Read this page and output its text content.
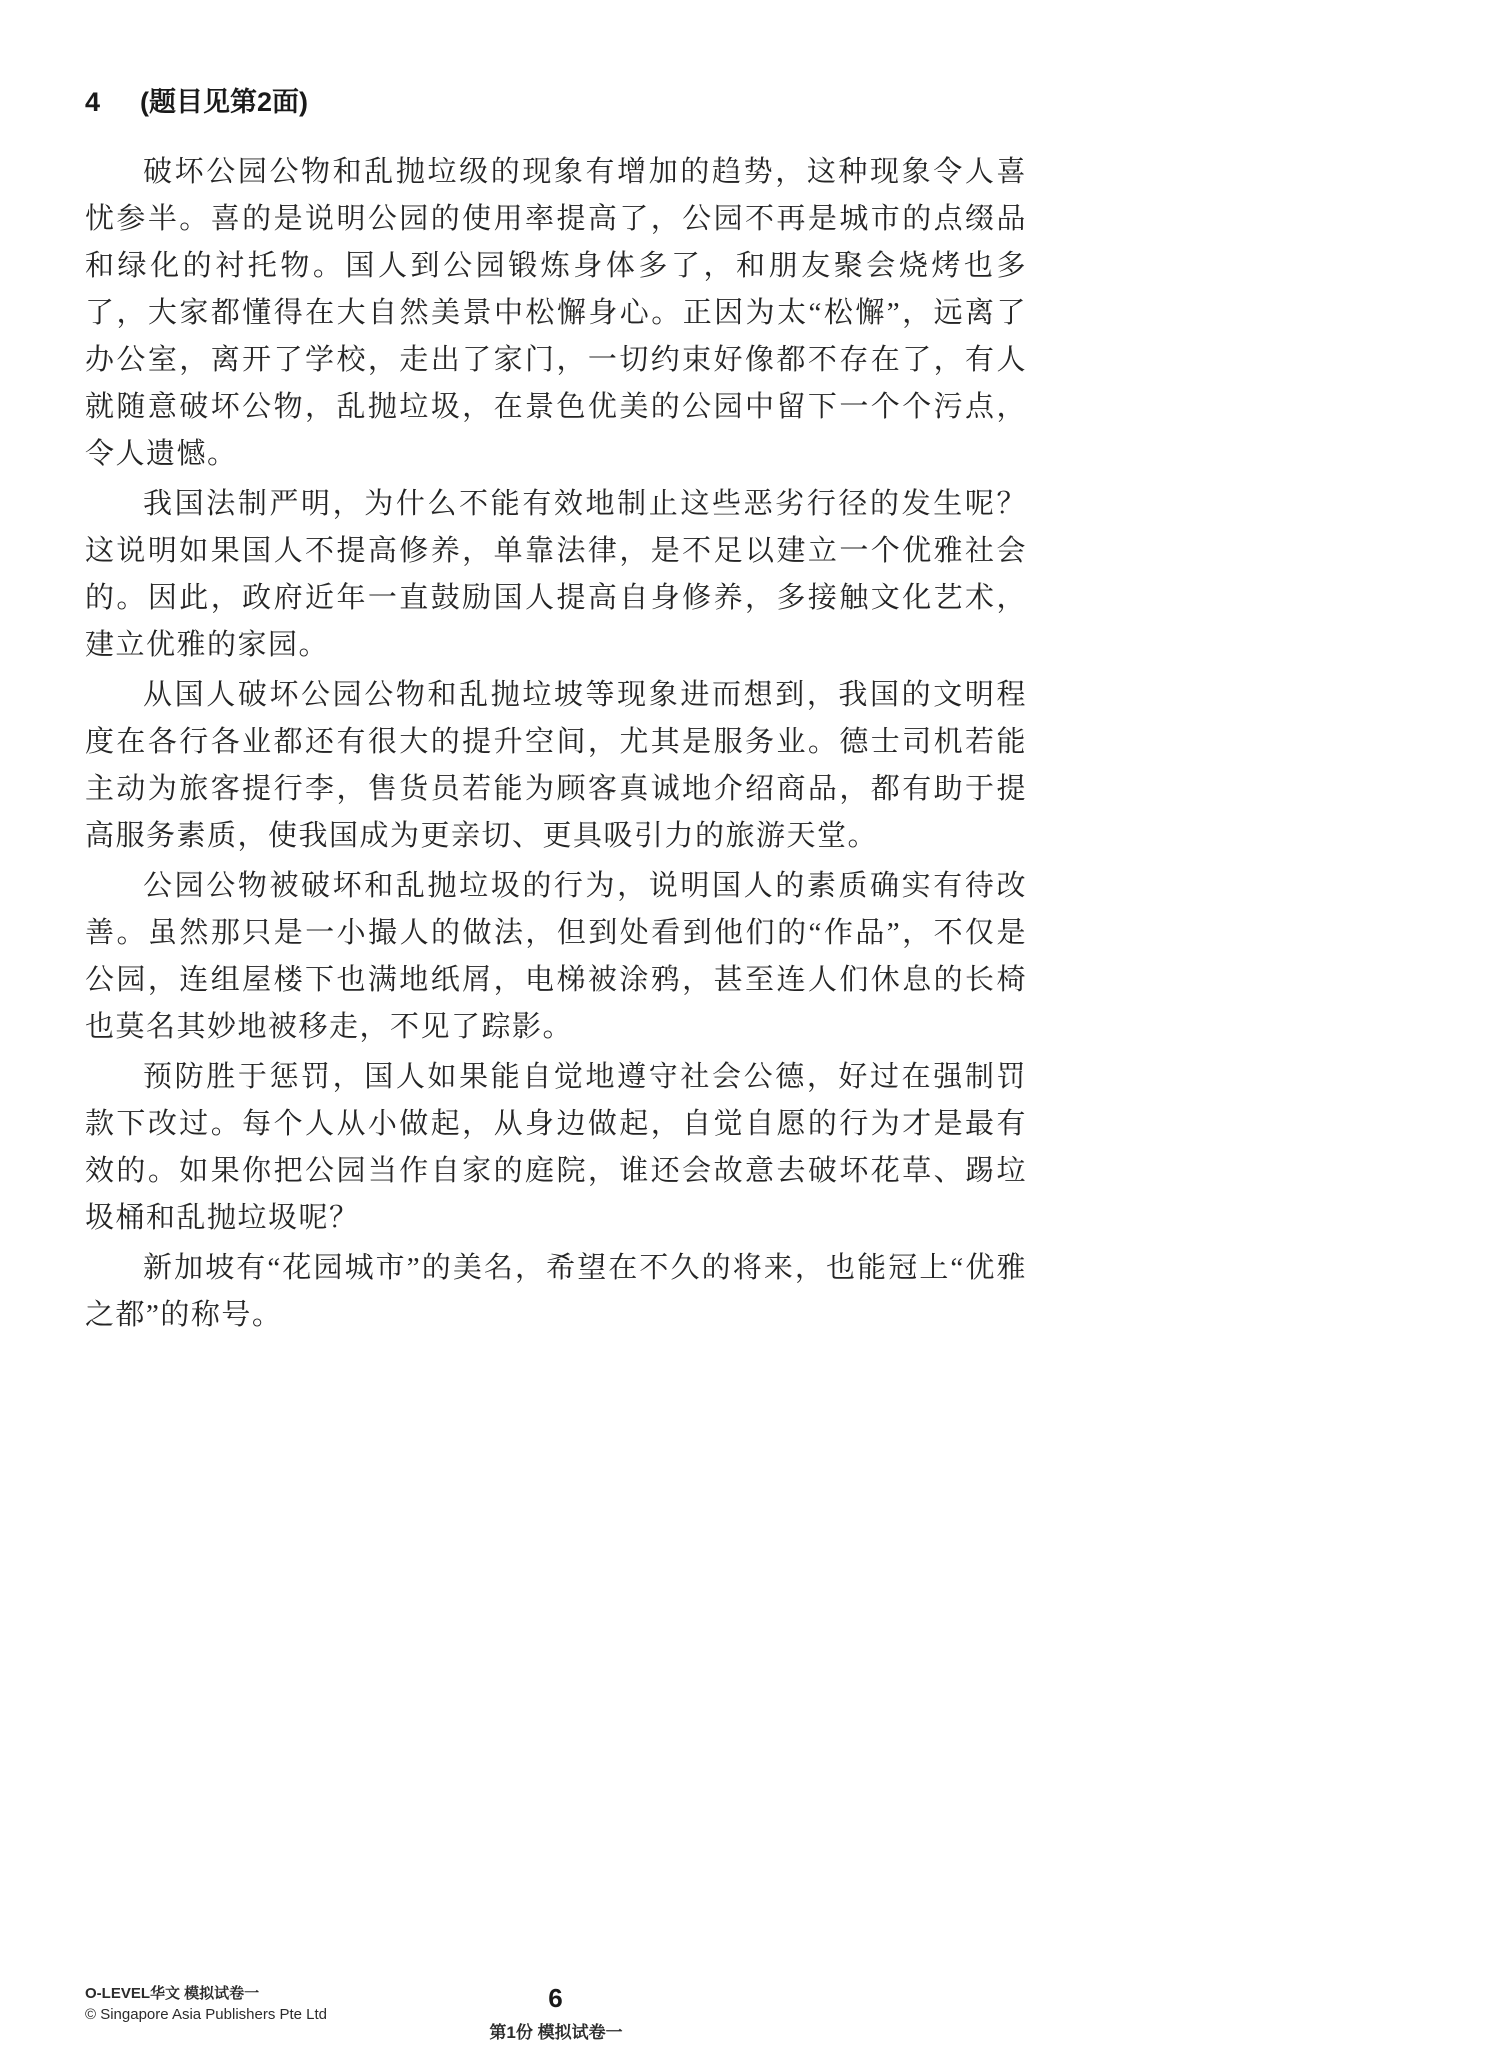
4 (题目见第2面)

破坏公园公物和乱抛垃级的现象有增加的趋势，这种现象令人喜忧参半。喜的是说明公园的使用率提高了，公园不再是城市的点缀品和绿化的衬托物。国人到公园锻炼身体多了，和朋友聚会烧烤也多了，大家都懂得在大自然美景中松懈身心。正因为太“松懈”，远离了办公室，离开了学校，走出了家门，一切约束好像都不存在了，有人就随意破坏公物，乱抛垃圾，在景色优美的公园中留下一个个污点，令人遗憾。

我国法制严明，为什么不能有效地制止这些恶劣行径的发生呢？这说明如果国人不提高修养，单靠法律，是不足以建立一个优雅社会的。因此，政府近年一直鼓励国人提高自身修养，多接触文化艺术，建立优雅的家园。

从国人破坏公园公物和乱抛垃坡等现象进而想到，我国的文明程度在各行各业都还有很大的提升空间，尤其是服务业。德士司机若能主动为旅客提行李，售货员若能为顾客真诚地介绍商品，都有助于提高服务素质，使我国成为更亲切、更具吸引力的旅游天堂。

公园公物被破坏和乱抛垃圾的行为，说明国人的素质确实有待改善。虽然那只是一小撮人的做法，但到处看到他们的“作品”，不仅是公园，连组屋楼下也满地纸屑，电梯被涂鸦，甚至连人们休息的长椅也莫名其妙地被移走，不见了踪影。

预防胜于惩罚，国人如果能自觉地遵守社会公德，好过在强制罚款下改过。每个人从小做起，从身边做起，自觉自愿的行为才是最有效的。如果你把公园当作自家的庭院，谁还会故意去破坏花草、踢垃圾桶和乱抛垃圾呢？

新加坡有“花园城市”的美名，希望在不久的将来，也能冠上“优雅之都”的称号。

O-LEVEL华文 模拟试卷一
© Singapore Asia Publishers Pte Ltd
6
第1份 模拟试卷一
